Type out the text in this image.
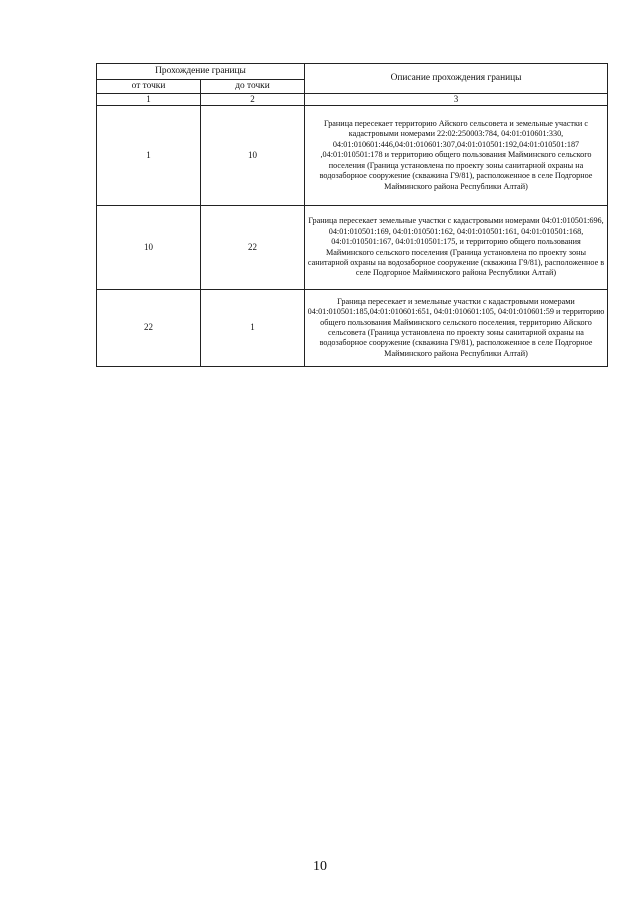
Прохождение границы		Описание прохождения границы
от точки	до точки	
1	2	3
1	10	Граница пересекает территорию Айского сельсовета и земельные участки с кадастровыми номерами 22:02:250003:784, 04:01:010601:330, 04:01:010601:446,04:01:010601:307,04:01:010501:192,04:01:010501:187 ,04:01:010501:178 и территорию общего пользования Майминского сельского поселения (Граница установлена по проекту зоны санитарной охраны на водозаборное сооружение (скважина Г9/81), расположенное в селе Подгорное Майминского района Республики Алтай)
10	22	Граница пересекает земельные участки с кадастровыми номерами 04:01:010501:696, 04:01:010501:169, 04:01:010501:162, 04:01:010501:161, 04:01:010501:168, 04:01:010501:167, 04:01:010501:175, и территорию общего пользования Майминского сельского поселения (Граница установлена по проекту зоны санитарной охраны на водозаборное сооружение (скважина Г9/81), расположенное в селе Подгорное Майминского района Республики Алтай)
22	1	Граница пересекает и земельные участки с кадастровыми номерами 04:01:010501:185,04:01:010601:651, 04:01:010601:105, 04:01:010601:59 и территорию общего пользования Майминского сельского поселения, территорию Айского сельсовета (Граница установлена по проекту зоны санитарной охраны на водозаборное сооружение (скважина Г9/81), расположенное в селе Подгорное Майминского района Республики Алтай)
10
